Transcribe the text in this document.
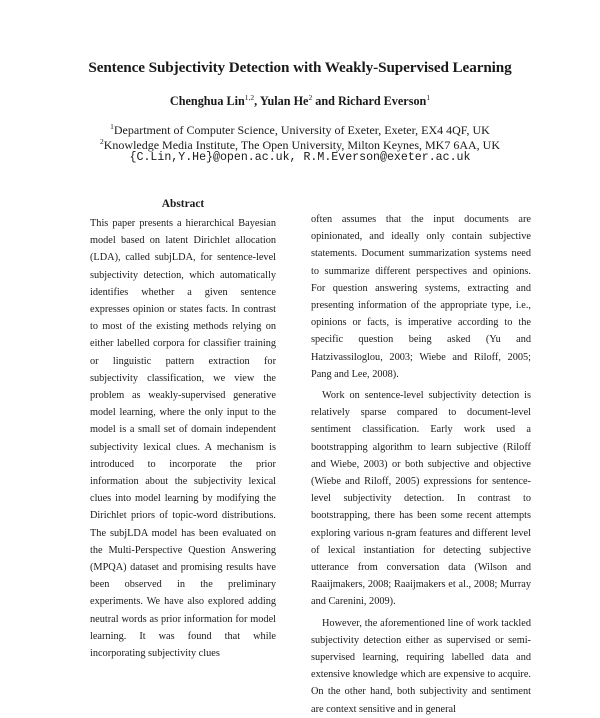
Sentence Subjectivity Detection with Weakly-Supervised Learning
Chenghua Lin$^{1,2}$, Yulan He$^2$ and Richard Everson$^1$
$^1$Department of Computer Science, University of Exeter, Exeter, EX4 4QF, UK
$^2$Knowledge Media Institute, The Open University, Milton Keynes, MK7 6AA, UK
{C.Lin,Y.He}@open.ac.uk, R.M.Everson@exeter.ac.uk
Abstract

This paper presents a hierarchical Bayesian model based on latent Dirichlet allocation (LDA), called subjLDA, for sentence-level subjectivity detection, which automatically identifies whether a given sentence expresses opinion or states facts. In contrast to most of the existing methods relying on either labelled corpora for classifier training or linguistic pattern extraction for subjectivity classification, we view the problem as weakly-supervised generative model learning, where the only input to the model is a small set of domain independent subjectivity lexical clues. A mechanism is introduced to incorporate the prior information about the subjectivity lexical clues into model learning by modifying the Dirichlet priors of topic-word distributions. The subjLDA model has been evaluated on the Multi-Perspective Question Answering (MPQA) dataset and promising results have been observed in the preliminary experiments. We have also explored adding neutral words as prior information for model learning. It was found that while incorporating subjectivity clues

often assumes that the input documents are opinionated, and ideally only contain subjective statements. Document summarization systems need to summarize different perspectives and opinions. For question answering systems, extracting and presenting information of the appropriate type, i.e., opinions or facts, is imperative according to the specific question being asked (Yu and Hatzivassiloglou, 2003; Wiebe and Riloff, 2005; Pang and Lee, 2008).

Work on sentence-level subjectivity detection is relatively sparse compared to document-level sentiment classification. Early work used a bootstrapping algorithm to learn subjective (Riloff and Wiebe, 2003) or both subjective and objective (Wiebe and Riloff, 2005) expressions for sentence-level subjectivity detection. In contrast to bootstrapping, there has been some recent attempts exploring various n-gram features and different level of lexical instantiation for detecting subjective utterance from conversation data (Wilson and Raaijmakers, 2008; Raaijmakers et al., 2008; Murray and Carenini, 2009).

However, the aforementioned line of work tackled subjectivity detection either as supervised or semi-supervised learning, requiring labelled data and extensive knowledge which are expensive to acquire. On the other hand, both subjectivity and sentiment are context sensitive and in general
